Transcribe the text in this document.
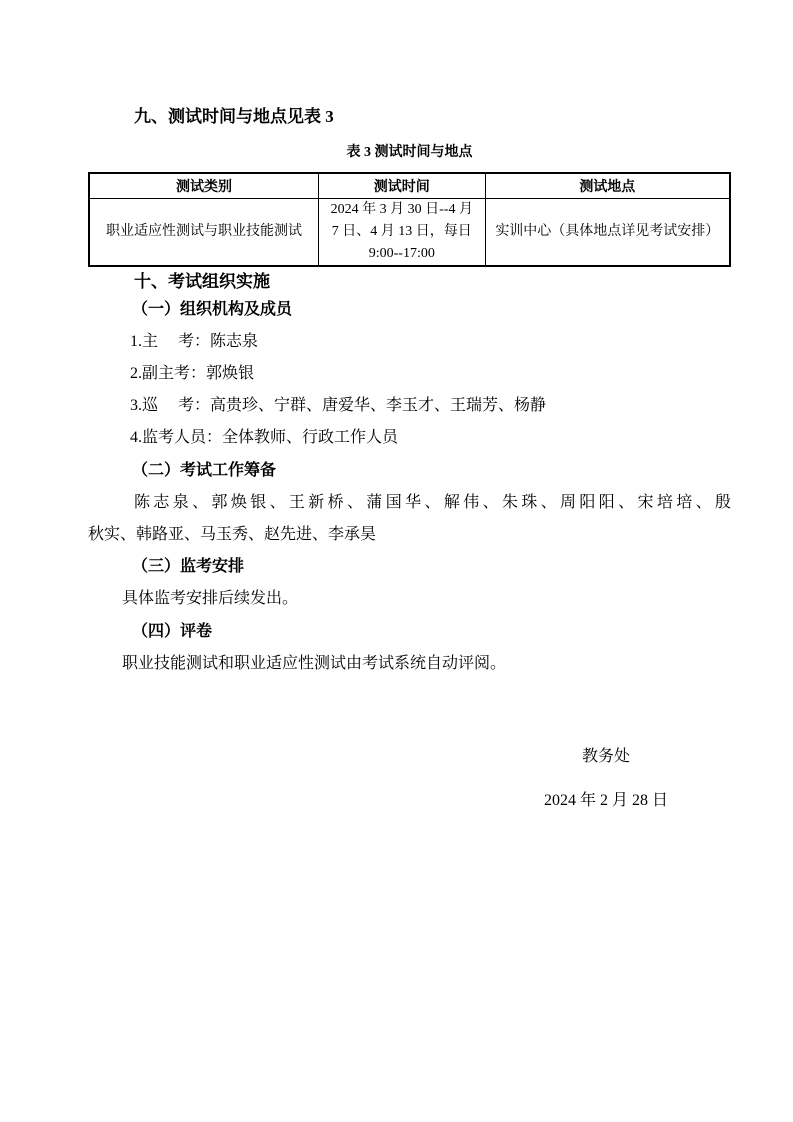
九、测试时间与地点见表 3

表 3 测试时间与地点
测试类别	测试时间	测试地点
职业适应性测试与职业技能测试	2024 年 3 月 30 日--4 月
7 日、4 月 13 日，每日
9:00--17:00	实训中心（具体地点详见考试安排）

十、考试组织实施

（一）组织机构及成员

1.主　 考：陈志泉

2.副主考：郭焕银

3.巡　 考：高贵珍、宁群、唐爱华、李玉才、王瑞芳、杨静

4.监考人员：全体教师、行政工作人员

（二）考试工作筹备

陈志泉、郭焕银、王新桥、蒲国华、解伟、朱珠、周阳阳、宋培培、殷

秋实、韩路亚、马玉秀、赵先进、李承昊

（三）监考安排

具体监考安排后续发出。

（四）评卷

职业技能测试和职业适应性测试由考试系统自动评阅。

教务处

2024 年 2 月 28 日
